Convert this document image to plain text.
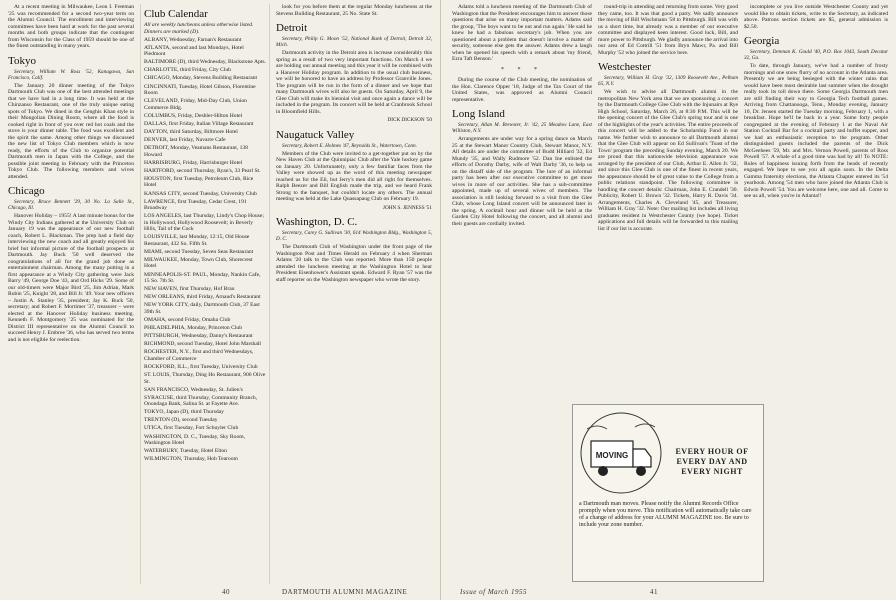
At a recent meeting in Milwaukee, Leon I. Freeman '25 was recommended for a second two-year term on the Alumni Council. The enrollment and interviewing committees have been hard at work for the past several months and both groups indicate that the contingent from Wisconsin for the Class of 1959 should be one of the finest outstanding in many years.

Tokyo

Secretary, William W. Ross '52, Kanagawa, San Francisco, Calif.

The January 20 dinner meeting of the Tokyo Dartmouth Club was one of the best attended meetings that we have had in a long time. It was held at the Chinzanso Restaurant, one of the truly unique eating spots of Tokyo. We dined in the Genghis Khan style in their Mongolian Dining Room, where all the food is cooked right in front of you over red hot coals and the stove is your dinner table. The food was excellent and the spirit the same. Among other things we discussed the new list of Tokyo Club members which is now ready, the efforts of the Club to organize potential Dartmouth men in Japan with the College, and the possible joint meeting in February with the Princeton Tokyo Club. The following members and wives attended.

Chicago

Secretary, Bruce Bennett '29, 30 No. La Salle St., Chicago, Ill.

Hanover Holiday – 1955! A last minute bonus for the Windy City Indians gathered at the University Club on January 19 was the appearance of our new football coach, Robert L. Blackman. The prep had a field day interviewing the new coach and all greatly enjoyed his brief but informal picture of the football prospects at Dartmouth. Jay Buck '50 well deserved the congratulations of all for the grand job done as entertainment chairman. Among the many putting in a first appearance at a Windy City gathering were Jack Barry '49, George Doe '43, and Ord Hicks '29. Some of our old-timers were Major Bird '25, Jim Adrian, Mark Rubin '25, Knight '28, and Bill Jr. '49. Your new officers – Justin A. Stanley '35, president; Jay K. Buck '50, secretary; and Robert F. Mortimer '37, treasurer – were elected at the Hanover Holiday business meeting. Kenneth F. Montgomery '25 was nominated for the District III representative on the Alumni Council to succeed Henry J. Embree '36, who has served two terms and is not eligible for reelection.

Club Calendar

All are weekly luncheons unless otherwise listed. Dinners are marked (D).

ALBANY, Wednesday, Farnan's Restaurant

ATLANTA, second and last Mondays, Hotel Piedmont

BALTIMORE (D), third Wednesday, Blackstone Apts.

CHARLOTTE, third Friday, City Club

CHICAGO, Monday, Stevens Building Restaurant

CINCINNATI, Tuesday, Hotel Gibson, Florentine Room

CLEVELAND, Friday, Mid-Day Club, Union Commerce Bldg.

COLUMBUS, Friday, Deshler-Hilton Hotel

DALLAS, first Friday, Italian Village Restaurant

DAYTON, third Saturday, Biltmore Hotel

DENVER, last Friday, Navarre Cafe

DETROIT, Monday, Veamans Restaurant, 138 Howard

HARRISBURG, Friday, Harrisburger Hotel

HARTFORD, second Thursday, Ryan's, 33 Pearl St.

HOUSTON, first Tuesday, Petroleum Club, Rice Hotel

KANSAS CITY, second Tuesday, University Club

LAWRENCE, first Tuesday, Cedar Crest, 191 Broadway

LOS ANGELES, last Thursday, Lindy's Chop House; in Hollywood, Hollywood Roosevelt; in Beverly Hills, Tail of the Cock

LOUISVILLE, last Monday, 12:15, Old House Restaurant, 432 So. Fifth St.

MIAMI, second Tuesday, Seven Seas Restaurant

MILWAUKEE, Monday, Town Club, Shorecrest Hotel

MINNEAPOLIS-ST. PAUL, Monday, Nankin Cafe, 15 So. 7th St.

NEW HAVEN, first Thursday, Hof Brau

NEW ORLEANS, third Friday, Arnaud's Restaurant

NEW YORK CITY, daily, Dartmouth Club, 37 East 39th St.

OMAHA, second Friday, Omaha Club

PHILADELPHIA, Monday, Princeton Club

PITTSBURGH, Wednesday, Danny's Restaurant

RICHMOND, second Tuesday, Hotel John Marshall

ROCHESTER, N.Y., first and third Wednesdays, Chamber of Commerce

ROCKFORD, ILL., first Tuesday, University Club

ST. LOUIS, Thursday, Ding Ho Restaurant, 906 Olive St.

SAN FRANCISCO, Wednesday, St. Julien's

SYRACUSE, third Thursday, Community Branch, Onondaga Bank, Salina St. at Fayette Ave.

TOKYO, Japan (D), third Thursday

TRENTON (D), second Tuesday

UTICA, first Tuesday, Fort Schuyler Club

WASHINGTON, D. C., Tuesday, Sky Room, Washington Hotel

WATERBURY, Tuesday, Hotel Elton

WILMINGTON, Thursday, Hob Tearoom

look for you before them at the regular Monday luncheons at the Stevens Building Restaurant, 25 No. State St.

Detroit

Secretary, Philip G. Moon '52, National Bank of Detroit, Detroit 32, Mich.

Dartmouth activity in the Detroit area is increase considerably this spring as a result of two very important functions. On March 4 we are holding our annual meeting and this year it will be combined with a Hanover Holiday program. In addition to the usual club business, we will be honored to have an address by Professor Granville Jones. The program will be run in the form of a dinner and we hope that many Dartmouth wives will also be guests. On Saturday, April 9, the Glee Club will make its biennial visit and once again a dance will be included in the program. Its concert will be held at Cranbrook School in Bloomfield Hills.

DICK DICKSON '50
Naugatuck Valley

Secretary, Robert E. Holmes '47, Reynolds St., Watertown, Conn.

Members of the Club were invited to a get-together put on by the New Haven Club at the Quinnipiac Club after the Yale hockey game on January 20. Unfortunately, only a few familiar faces from the Valley were showed up as the word of this meeting newspaper reached us for the Eli, but Jerry's men did all right for themselves. Ralph Beezer and Bill English made the trip, and we heard Frank Strong to the banquet, but couldn't locate any others. The annual meeting was held at the Lake Quassapaug Club on February 19.

JOHN S. JENNESS '51
Washington, D. C.

Secretary, Carey G. Sullivan '30, 614 Washington Bldg., Washington 5, D. C.

The Dartmouth Club of Washington under the front page of the Washington Post and Times Herald on February 4 when Sherman Adams '20 talk to the Club was reported. More than 150 people attended the luncheon meeting at the Washington Hotel to hear President Eisenhower's Assistant speak. Edward F. Ryan '57 was the staff reporter on the Washington newspaper who wrote the story.

40	DARTMOUTH ALUMNI MAGAZINE

Adams told a luncheon meeting of the Dartmouth Club of Washington that the President encourages him to answer those questions that arise on many important matters. Adams said the group, 'The boys want to be out and run again.' He said he knew he had a fabulous secretary's job. When you are questioned about a problem that doesn't involve a matter of security, someone else gets the answer. Adams drew a laugh when he opened his speech with a remark about 'my friend, Ezra Taft Benson.'

* * *

During the course of the Club meeting, the nomination of the Hon. Clarence Opper '18, Judge of the Tax Court of the United States, was approved as Alumni Council representative.

Long Island

Secretary, Allan M. Brewster, Jr. '42, 25 Meadow Lane, East Williston, N.Y.

Arrangements are under way for a spring dance on March 25 at the Stewart Manor Country Club, Stewart Manor, N.Y. All details are under the committee of Budd Hilliard '32, Ed Mundy '35, and Wally Rudmore '52. Dan Ine enlisted the efforts of Dorothy Darby, wife of Walt Darby '36, to help us on the distaff side of the program. The lure of an informal party has been after our executive committee to get more wives in more of our activities. She has a sub-committee appointed, made up of several wives of members. The association is still looking forward to a visit from the Glee Club, whose Long Island concert will be announced later in the spring. A cocktail hour and dinner will be held at the Garden City Hotel following the concert, and all alumni and their guests are cordially invited.

round-trip in attending and returning from some. Very good they came, too. It was that good a party. We sadly announce the moving of Bill Wischmann '58 to Pittsburgh. Bill was with us a short time, but already was a member of our executive committee and displayed keen interest. Good luck, Bill, and more power to Pittsburgh. We gladly announce the arrival into our area of Ed Cottrill '51 from Bryn Mawr, Pa. and Bill Murphy '52 who joined the service here.

Westchester

Secretary, William H. Gray '32, 1309 Roosevelt Ave., Pelham 65, N.Y.

We wish to advise all Dartmouth alumni in the metropolitan New York area that we are sponsoring a concert by the Dartmouth College Glee Club with the Injunairs at Rye High School, Saturday, March 26, at 8:30 P.M. This will be the opening concert of the Glee Club's spring tour and is one of the highlights of the year's activities. The entire proceeds of this concert will be added to the Scholarship Fund in our name. We further wish to announce to all Dartmouth alumni that the Glee Club will appear on Ed Sullivan's 'Toast of the Town' program the preceding Sunday evening, March 20. We are proud that this nationwide television appearance was arranged by the president of our Club, Arthur E. Allen Jr. '32, and since this Glee Club is one of the finest in recent years, the appearance should be of great value to the College from a public relations standpoint. The following committee is handling the concert details: Chairman, John E. Crandell '30. Publicity, Robert U. Brown '32. Tickets, Harry R. Davis '34. Arrangements, Charles A. Cleveland '45, and Treasurer, William H. Gray '32. Note: Our mailing list includes all living graduates resident in Westchester County (we hope). Ticket applications and full details will be forwarded to this mailing list if our list is accurate.

incomplete or you live outside Westchester County and yet would like to obtain tickets, write to the Secretary, as indicated above. Patrons section tickets are $5, general admission is $2.50.

Georgia

Secretary, Denman K. Gould '40, P.O. Box 1043, South Decatur 32, Ga.

To date, through January, we've had a number of frosty mornings and one snow flurry of no account in the Atlanta area. Presently we are being besieged with the winter rains that would have been most desirable last summer when the drought really took its toll down there. Some Georgia Dartmouth men are still finding their way to Georgia Tech football games. Arriving from Chattanooga, Tenn., Monday evening, January 10, Dr. Jensen started the Tuesday morning, February 1, with a breakfast. Hope he'll be back in a year. Some forty people congregated at the evening of February 1 at the Naval Air Station Cocktail Bar for a cocktail party and buffet supper, and we had an enthusiastic reception to the program. Other distinguished guests included the parents of the Dick McGeehees '59, Mr. and Mrs. Vernon Powell, parents of Ross Powell '57. A whale of a good time was had by all! To NOTE: Rules of happiness issuing forth from the heads of recently engaged. We hope to see you all again soon. In the Delta Gamma fraternity elections, the Atlanta Chapter entered its '54 yearbook. Among '54 men who have joined the Atlanta Club is Edwin Powell '54. You are welcome here, one and all. Come to see us all, when you're in Atlanta!!

MOVING	EVERY HOUR OF EVERY DAY AND EVERY NIGHT
a Dartmouth man moves. Please notify the Alumni Records Office promptly when you move. This notification will automatically take care of a change of address for your ALUMNI MAGAZINE too. Be sure to include your zone number.
Issue of March 1955	41
